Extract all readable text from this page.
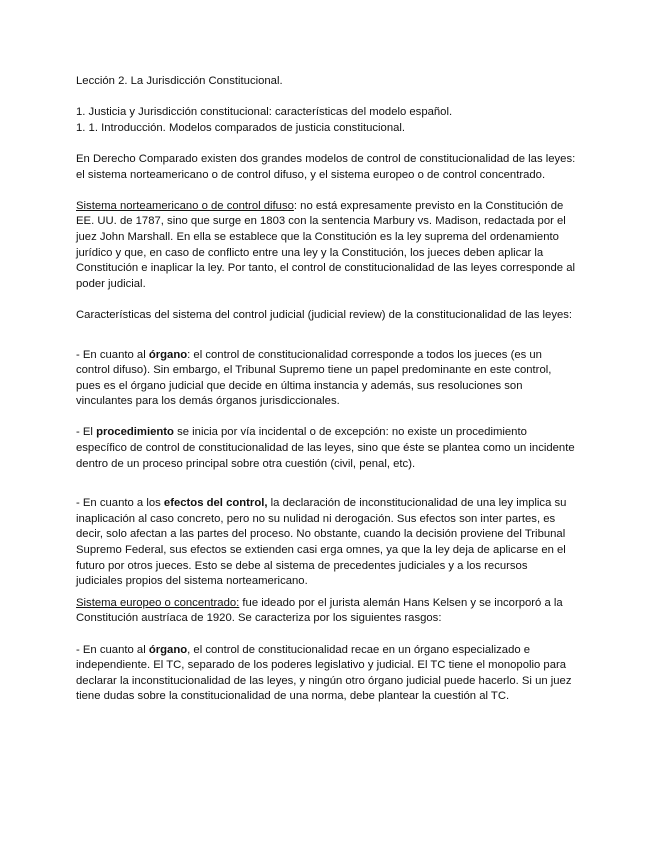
Lección 2. La Jurisdicción Constitucional.

1. Justicia y Jurisdicción constitucional: características del modelo español.

1. 1. Introducción. Modelos comparados de justicia constitucional.

En Derecho Comparado existen dos grandes modelos de control de constitucionalidad de las leyes: el sistema norteamericano o de control difuso, y el sistema europeo o de control concentrado.

Sistema norteamericano o de control difuso: no está expresamente previsto en la Constitución de EE. UU. de 1787, sino que surge en 1803 con la sentencia Marbury vs. Madison, redactada por el juez John Marshall. En ella se establece que la Constitución es la ley suprema del ordenamiento jurídico y que, en caso de conflicto entre una ley y la Constitución, los jueces deben aplicar la Constitución e inaplicar la ley. Por tanto, el control de constitucionalidad de las leyes corresponde al poder judicial.

Características del sistema del control judicial (judicial review) de la constitucionalidad de las leyes:

- En cuanto al órgano: el control de constitucionalidad corresponde a todos los jueces (es un control difuso). Sin embargo, el Tribunal Supremo tiene un papel predominante en este control, pues es el órgano judicial que decide en última instancia y además, sus resoluciones son vinculantes para los demás órganos jurisdiccionales.

- El procedimiento se inicia por vía incidental o de excepción: no existe un procedimiento específico de control de constitucionalidad de las leyes, sino que éste se plantea como un incidente dentro de un proceso principal sobre otra cuestión (civil, penal, etc).

- En cuanto a los efectos del control, la declaración de inconstitucionalidad de una ley implica su inaplicación al caso concreto, pero no su nulidad ni derogación. Sus efectos son inter partes, es decir, solo afectan a las partes del proceso. No obstante, cuando la decisión proviene del Tribunal Supremo Federal, sus efectos se extienden casi erga omnes, ya que la ley deja de aplicarse en el futuro por otros jueces. Esto se debe al sistema de precedentes judiciales y a los recursos judiciales propios del sistema norteamericano.

Sistema europeo o concentrado: fue ideado por el jurista alemán Hans Kelsen y se incorporó a la Constitución austríaca de 1920. Se caracteriza por los siguientes rasgos:

- En cuanto al órgano, el control de constitucionalidad recae en un órgano especializado e independiente. El TC, separado de los poderes legislativo y judicial. El TC tiene el monopolio para declarar la inconstitucionalidad de las leyes, y ningún otro órgano judicial puede hacerlo. Si un juez tiene dudas sobre la constitucionalidad de una norma, debe plantear la cuestión al TC.
